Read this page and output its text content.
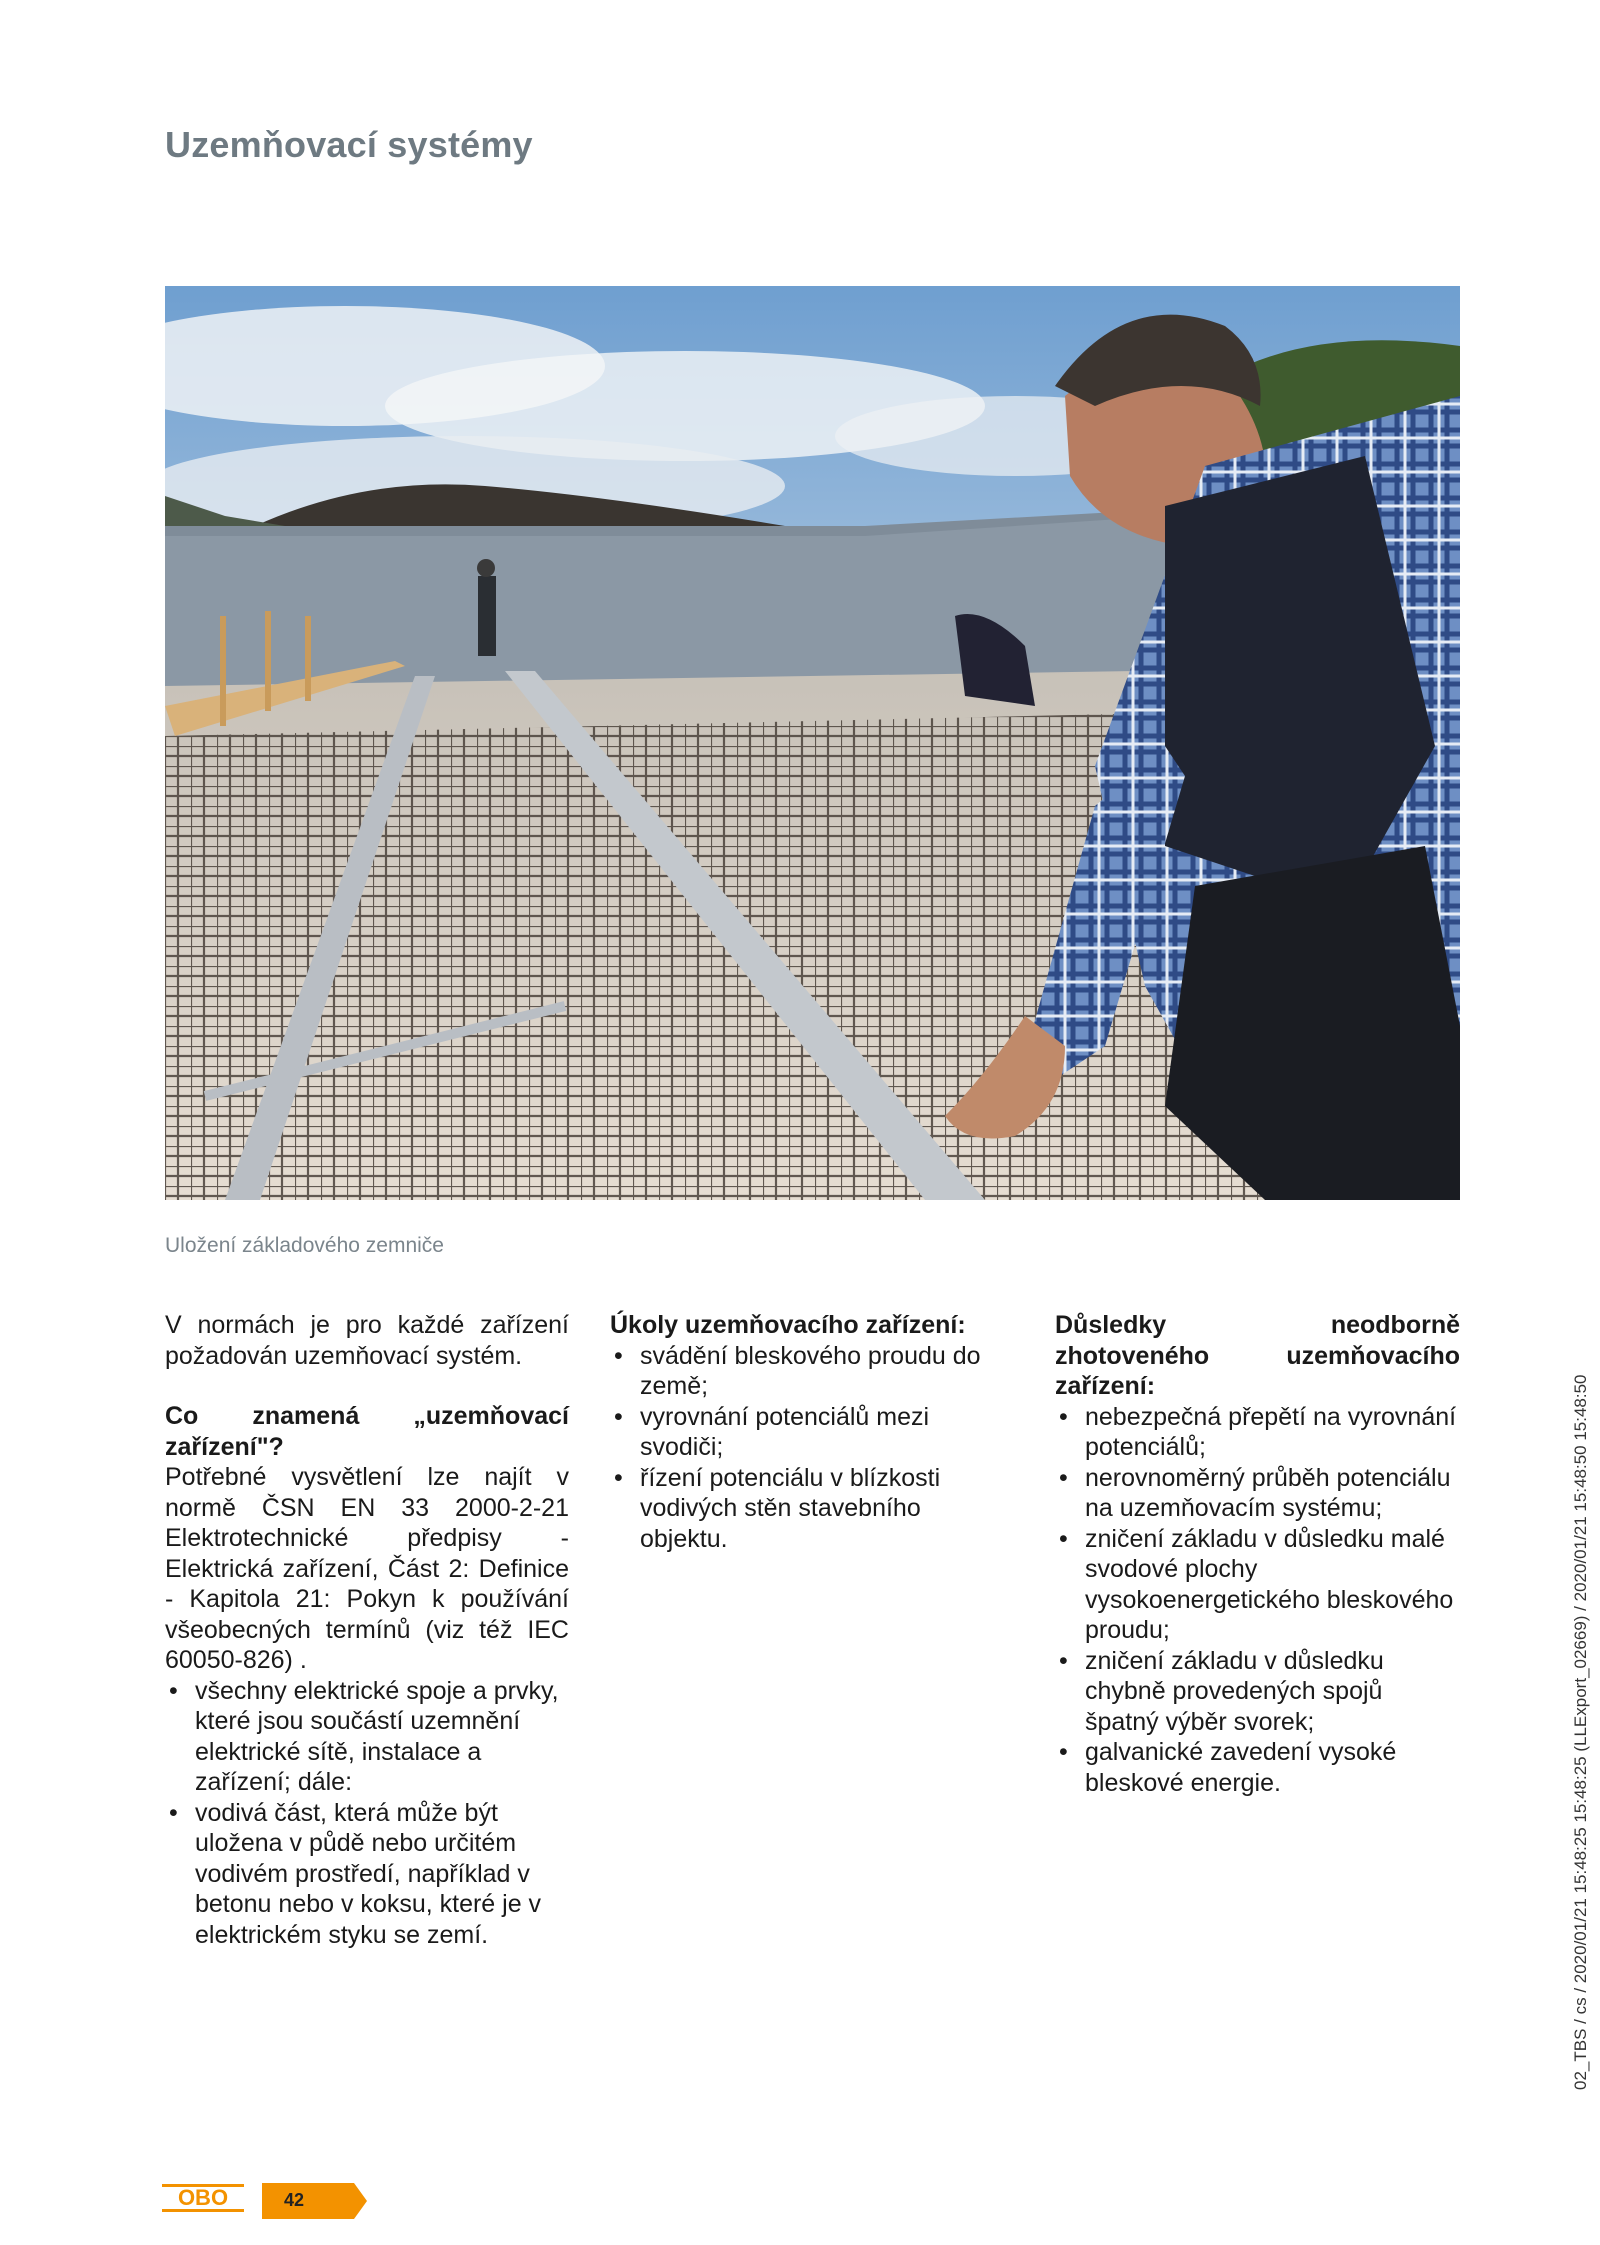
Uzemňovací systémy
Uložení základového zemniče

V normách je pro každé zařízení požadován uzemňovací systém.

Co znamená „uzemňovací zařízení"?

Potřebné vysvětlení lze najít v normě ČSN EN 33 2000-2-21 Elektrotechnické předpisy - Elektrická zařízení, Část 2: Definice - Kapitola 21: Pokyn k používání všeobecných termínů (viz též IEC 60050-826) .

• všechny elektrické spoje a prvky, které jsou součástí uzemnění elektrické sítě, instalace a zařízení; dále:
• vodivá část, která může být uložena v půdě nebo určitém vodivém prostředí, například v betonu nebo v koksu, které je v elektrickém styku se zemí.

Úkoly uzemňovacího zařízení:

• svádění bleskového proudu do země;
• vyrovnání potenciálů mezi svodiči;
• řízení potenciálu v blízkosti vodivých stěn stavebního objektu.

Důsledky neodborně zhotoveného uzemňovacího zařízení:

• nebezpečná přepětí na vyrovnání potenciálů;
• nerovnoměrný průběh potenciálu na uzemňovacím systému;
• zničení základu v důsledku malé svodové plochy vysokoenergetického bleskového proudu;
• zničení základu v důsledku chybně provedených spojů špatný výběr svorek;
• galvanické zavedení vysoké bleskové energie.	02_TBS / cs / 2020/01/21 15:48:25 15:48:25 (LLExport_02669) / 2020/01/21 15:48:50 15:48:50
OBO	42
